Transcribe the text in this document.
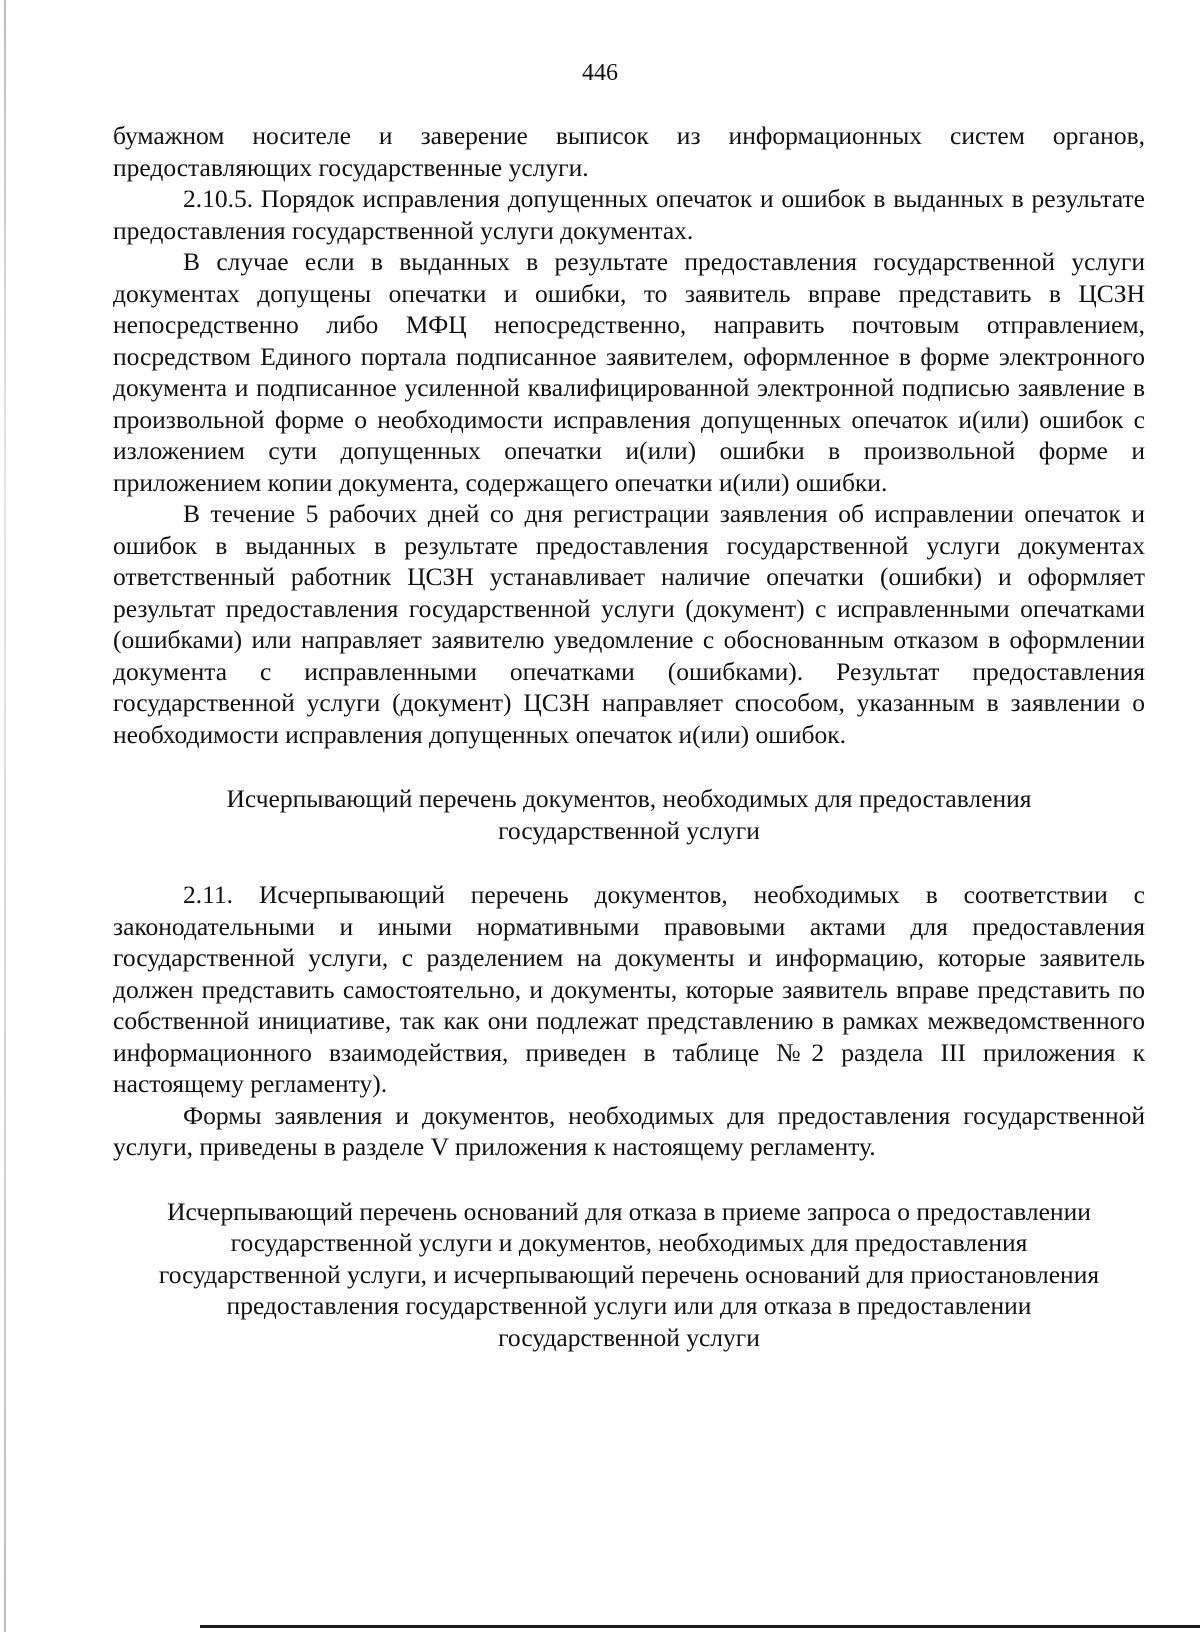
446

бумажном носителе и заверение выписок из информационных систем органов, предоставляющих государственные услуги.

2.10.5. Порядок исправления допущенных опечаток и ошибок в выданных в результате предоставления государственной услуги документах.

В случае если в выданных в результате предоставления государственной услуги документах допущены опечатки и ошибки, то заявитель вправе представить в ЦСЗН непосредственно либо МФЦ непосредственно, направить почтовым отправлением, посредством Единого портала подписанное заявителем, оформленное в форме электронного документа и подписанное усиленной квалифицированной электронной подписью заявление в произвольной форме о необходимости исправления допущенных опечаток и(или) ошибок с изложением сути допущенных опечатки и(или) ошибки в произвольной форме и приложением копии документа, содержащего опечатки и(или) ошибки.

В течение 5 рабочих дней со дня регистрации заявления об исправлении опечаток и ошибок в выданных в результате предоставления государственной услуги документах ответственный работник ЦСЗН устанавливает наличие опечатки (ошибки) и оформляет результат предоставления государственной услуги (документ) с исправленными опечатками (ошибками) или направляет заявителю уведомление с обоснованным отказом в оформлении документа с исправленными опечатками (ошибками). Результат предоставления государственной услуги (документ) ЦСЗН направляет способом, указанным в заявлении о необходимости исправления допущенных опечаток и(или) ошибок.

Исчерпывающий перечень документов, необходимых для предоставления государственной услуги

2.11. Исчерпывающий перечень документов, необходимых в соответствии с законодательными и иными нормативными правовыми актами для предоставления государственной услуги, с разделением на документы и информацию, которые заявитель должен представить самостоятельно, и документы, которые заявитель вправе представить по собственной инициативе, так как они подлежат представлению в рамках межведомственного информационного взаимодействия, приведен в таблице №2 раздела III приложения к настоящему регламенту).

Формы заявления и документов, необходимых для предоставления государственной услуги, приведены в разделе V приложения к настоящему регламенту.

Исчерпывающий перечень оснований для отказа в приеме запроса о предоставлении государственной услуги и документов, необходимых для предоставления государственной услуги, и исчерпывающий перечень оснований для приостановления предоставления государственной услуги или для отказа в предоставлении государственной услуги
